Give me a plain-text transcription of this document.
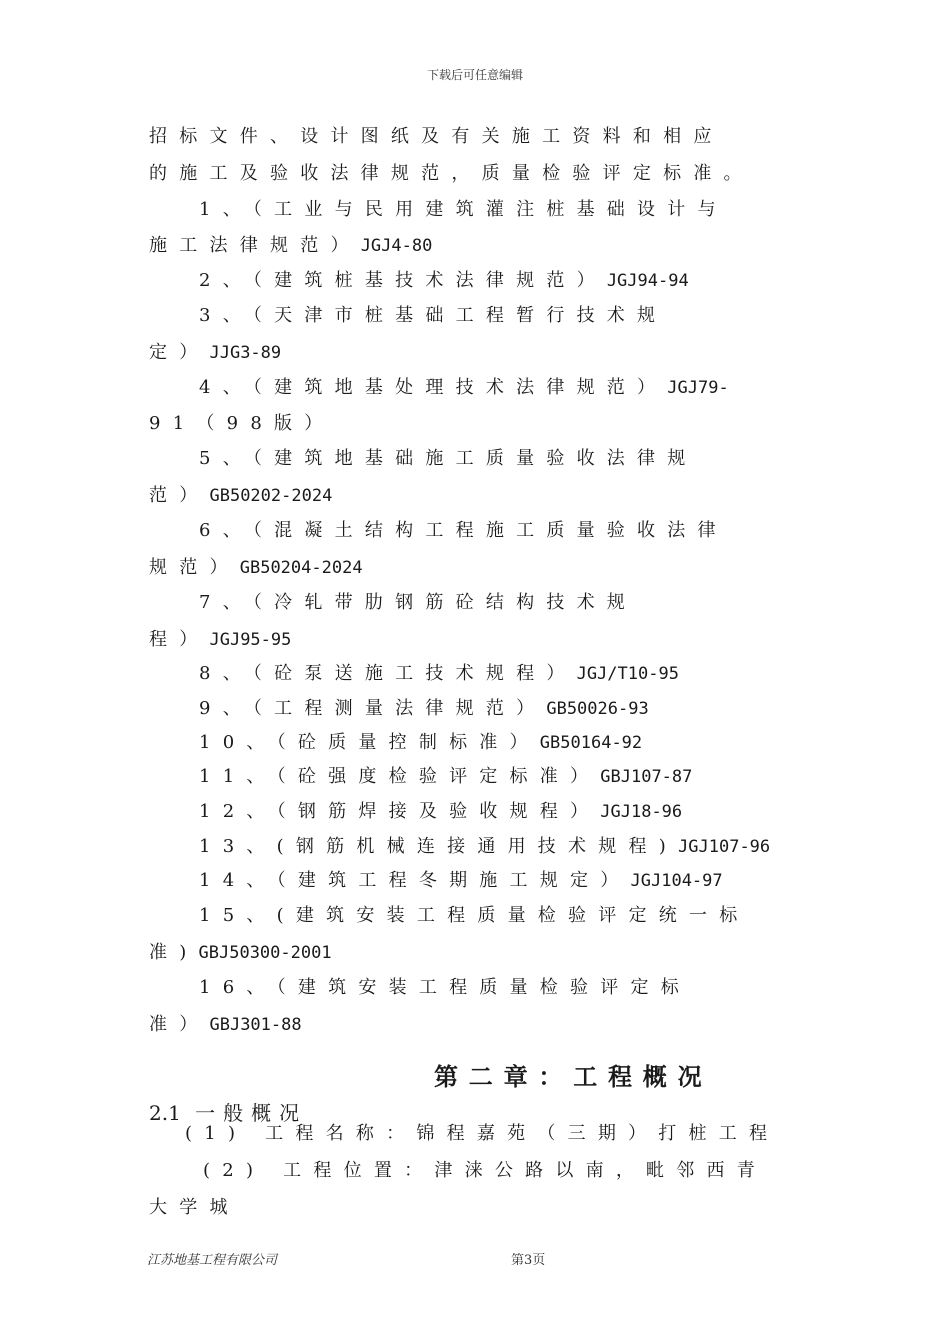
下载后可任意编辑
招标文件、设计图纸及有关施工资料和相应
的施工及验收法律规范，质量检验评定标准。
1、（工业与民用建筑灌注桩基础设计与
施工法律规范）JGJ4-80
2、（建筑桩基技术法律规范）JGJ94-94
3、（天津市桩基础工程暂行技术规
定）JJG3-89
4、（建筑地基处理技术法律规范）JGJ79-
91（98版）
5、（建筑地基础施工质量验收法律规
范）GB50202-2024
6、（混凝土结构工程施工质量验收法律
规范）GB50204-2024
7、（冷轧带肋钢筋砼结构技术规
程）JGJ95-95
8、（砼泵送施工技术规程）JGJ/T10-95
9、（工程测量法律规范）GB50026-93
10、（砼质量控制标准）GB50164-92
11、（砼强度检验评定标准）GBJ107-87
12、（钢筋焊接及验收规程）JGJ18-96
13、(钢筋机械连接通用技术规程)JGJ107-96
14、（建筑工程冬期施工规定）JGJ104-97
15、(建筑安装工程质量检验评定统一标
准)GBJ50300-2001
16、（建筑安装工程质量检验评定标
准）GBJ301-88
第二章：工程概况
2.1 一般概况
(1) 工程名称：锦程嘉苑（三期）打桩工程
(2) 工程位置：津涞公路以南，毗邻西青
大学城
江苏地基工程有限公司	第3页
